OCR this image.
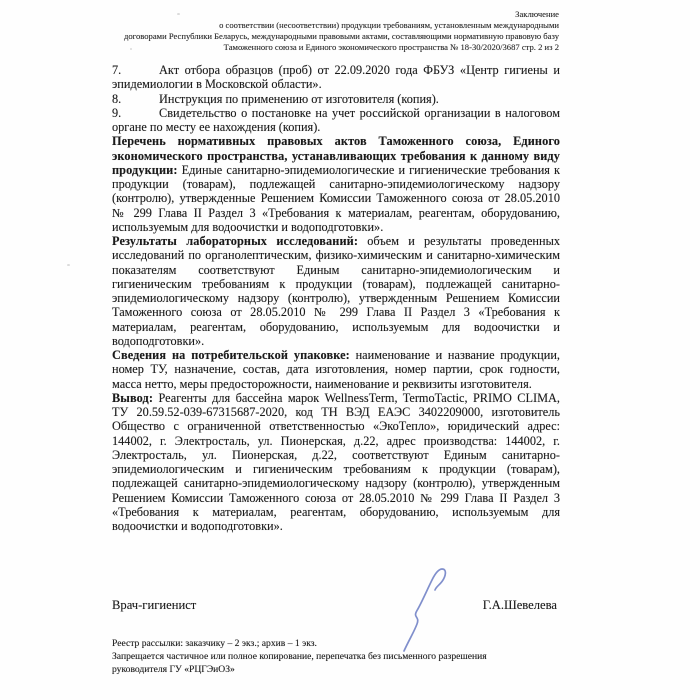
Заключение
о соответствии (несоответствии) продукции требованиям, установленным международными
договорами Республики Беларусь, международными правовыми актами, составляющими нормативную правовую базу
Таможенного союза и Единого экономического пространства № 18-30/2020/3687 стр. 2 из 2

7.	Акт отбора образцов (проб) от 22.09.2020 года ФБУЗ «Центр гигиены и эпидемиологии в Московской области».

8.	Инструкция по применению от изготовителя (копия).

9.	Свидетельство о постановке на учет российской организации в налоговом органе по месту ее нахождения (копия).

Перечень нормативных правовых актов Таможенного союза, Единого экономического пространства, устанавливающих требования к данному виду продукции: Единые санитарно-эпидемиологические и гигиенические требования к продукции (товарам), подлежащей санитарно-эпидемиологическому надзору (контролю), утвержденные Решением Комиссии Таможенного союза от 28.05.2010 № 299 Глава II Раздел 3 «Требования к материалам, реагентам, оборудованию, используемым для водоочистки и водоподготовки».

Результаты лабораторных исследований: объем и результаты проведенных исследований по органолептическим, физико-химическим и санитарно-химическим показателям соответствуют Единым санитарно-эпидемиологическим и гигиеническим требованиям к продукции (товарам), подлежащей санитарно-эпидемиологическому надзору (контролю), утвержденным Решением Комиссии Таможенного союза от 28.05.2010 № 299 Глава II Раздел 3 «Требования к материалам, реагентам, оборудованию, используемым для водоочистки и водоподготовки».

Сведения на потребительской упаковке: наименование и название продукции, номер ТУ, назначение, состав, дата изготовления, номер партии, срок годности, масса нетто, меры предосторожности, наименование и реквизиты изготовителя.

Вывод: Реагенты для бассейна марок WellnessTerm, TermoTactic, PRIMO CLIMA, ТУ 20.59.52-039-67315687-2020, код ТН ВЭД ЕАЭС 3402209000, изготовитель Общество с ограниченной ответственностью «ЭкоТепло», юридический адрес: 144002, г. Электросталь, ул. Пионерская, д.22, адрес производства: 144002, г. Электросталь, ул. Пионерская, д.22, соответствуют Единым санитарно-эпидемиологическим и гигиеническим требованиям к продукции (товарам), подлежащей санитарно-эпидемиологическому надзору (контролю), утвержденным Решением Комиссии Таможенного союза от 28.05.2010 № 299 Глава II Раздел 3 «Требования к материалам, реагентам, оборудованию, используемым для водоочистки и водоподготовки».

Врач-гигиенист	Г.А.Шевелева
Реестр рассылки: заказчику – 2 экз.; архив – 1 экз.
Запрещается частичное или полное копирование, перепечатка без письменного разрешения
руководителя ГУ «РЦГЭиОЗ»
